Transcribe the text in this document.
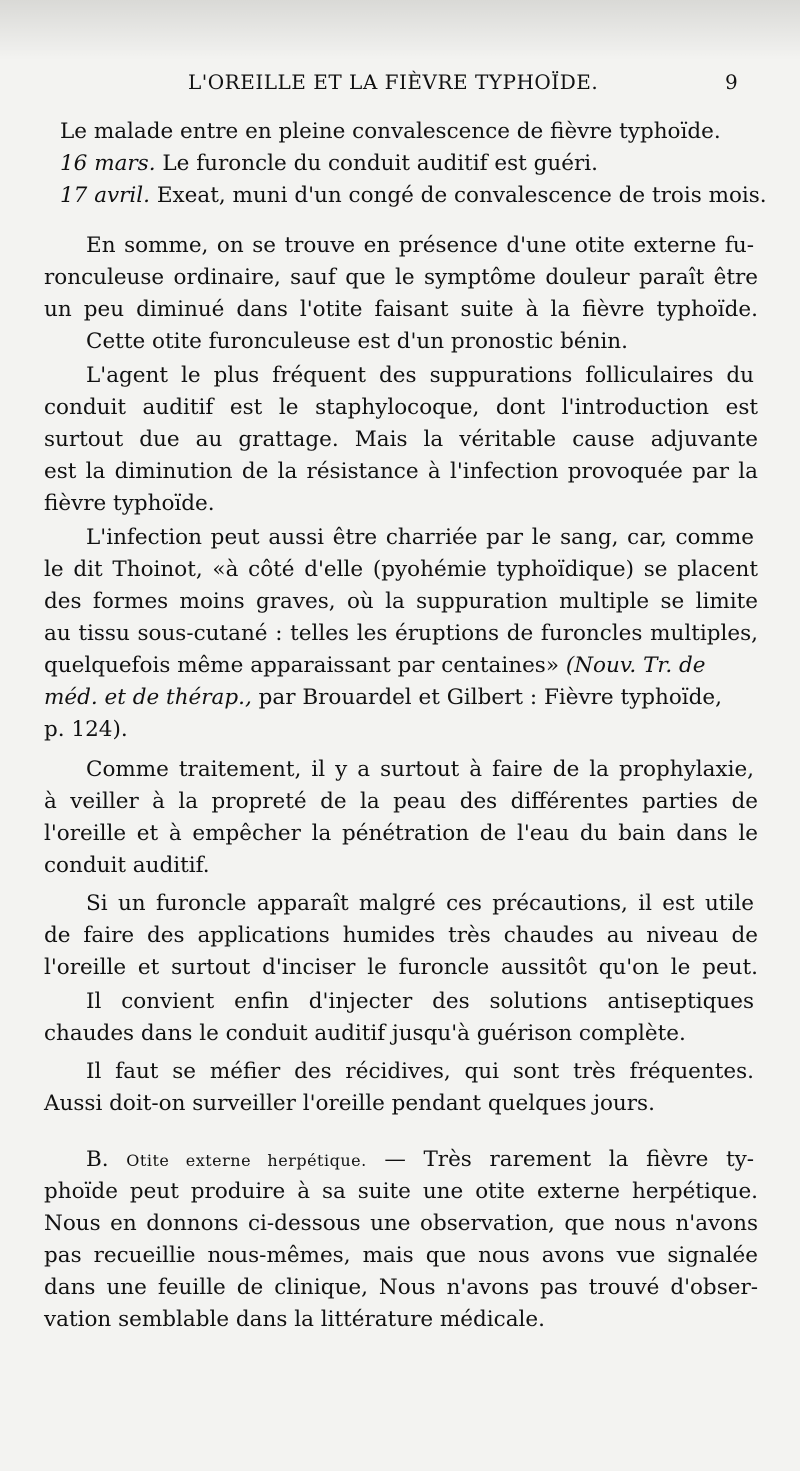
L'OREILLE ET LA FIÈVRE TYPHOÏDE.	9
Le malade entre en pleine convalescence de fièvre typhoïde.
16 mars. Le furoncle du conduit auditif est guéri.
17 avril. Exeat, muni d'un congé de convalescence de trois mois.
En somme, on se trouve en présence d'une otite externe fu-
ronculeuse ordinaire, sauf que le symptôme douleur paraît être
un peu diminué dans l'otite faisant suite à la fièvre typhoïde.
Cette otite furonculeuse est d'un pronostic bénin.
L'agent le plus fréquent des suppurations folliculaires du
conduit auditif est le staphylocoque, dont l'introduction est
surtout due au grattage. Mais la véritable cause adjuvante
est la diminution de la résistance à l'infection provoquée par la
fièvre typhoïde.
L'infection peut aussi être charriée par le sang, car, comme
le dit Thoinot, «à côté d'elle (pyohémie typhoïdique) se placent
des formes moins graves, où la suppuration multiple se limite
au tissu sous-cutané : telles les éruptions de furoncles multiples,
quelquefois même apparaissant par centaines» (Nouv. Tr. de
méd. et de thérap., par Brouardel et Gilbert : Fièvre typhoïde,
p. 124).
Comme traitement, il y a surtout à faire de la prophylaxie,
à veiller à la propreté de la peau des différentes parties de
l'oreille et à empêcher la pénétration de l'eau du bain dans le
conduit auditif.
Si un furoncle apparaît malgré ces précautions, il est utile
de faire des applications humides très chaudes au niveau de
l'oreille et surtout d'inciser le furoncle aussitôt qu'on le peut.
Il convient enfin d'injecter des solutions antiseptiques
chaudes dans le conduit auditif jusqu'à guérison complète.
Il faut se méfier des récidives, qui sont très fréquentes.
Aussi doit-on surveiller l'oreille pendant quelques jours.
B. Otite externe herpétique. — Très rarement la fièvre ty-
phoïde peut produire à sa suite une otite externe herpétique.
Nous en donnons ci-dessous une observation, que nous n'avons
pas recueillie nous-mêmes, mais que nous avons vue signalée
dans une feuille de clinique, Nous n'avons pas trouvé d'obser-
vation semblable dans la littérature médicale.
